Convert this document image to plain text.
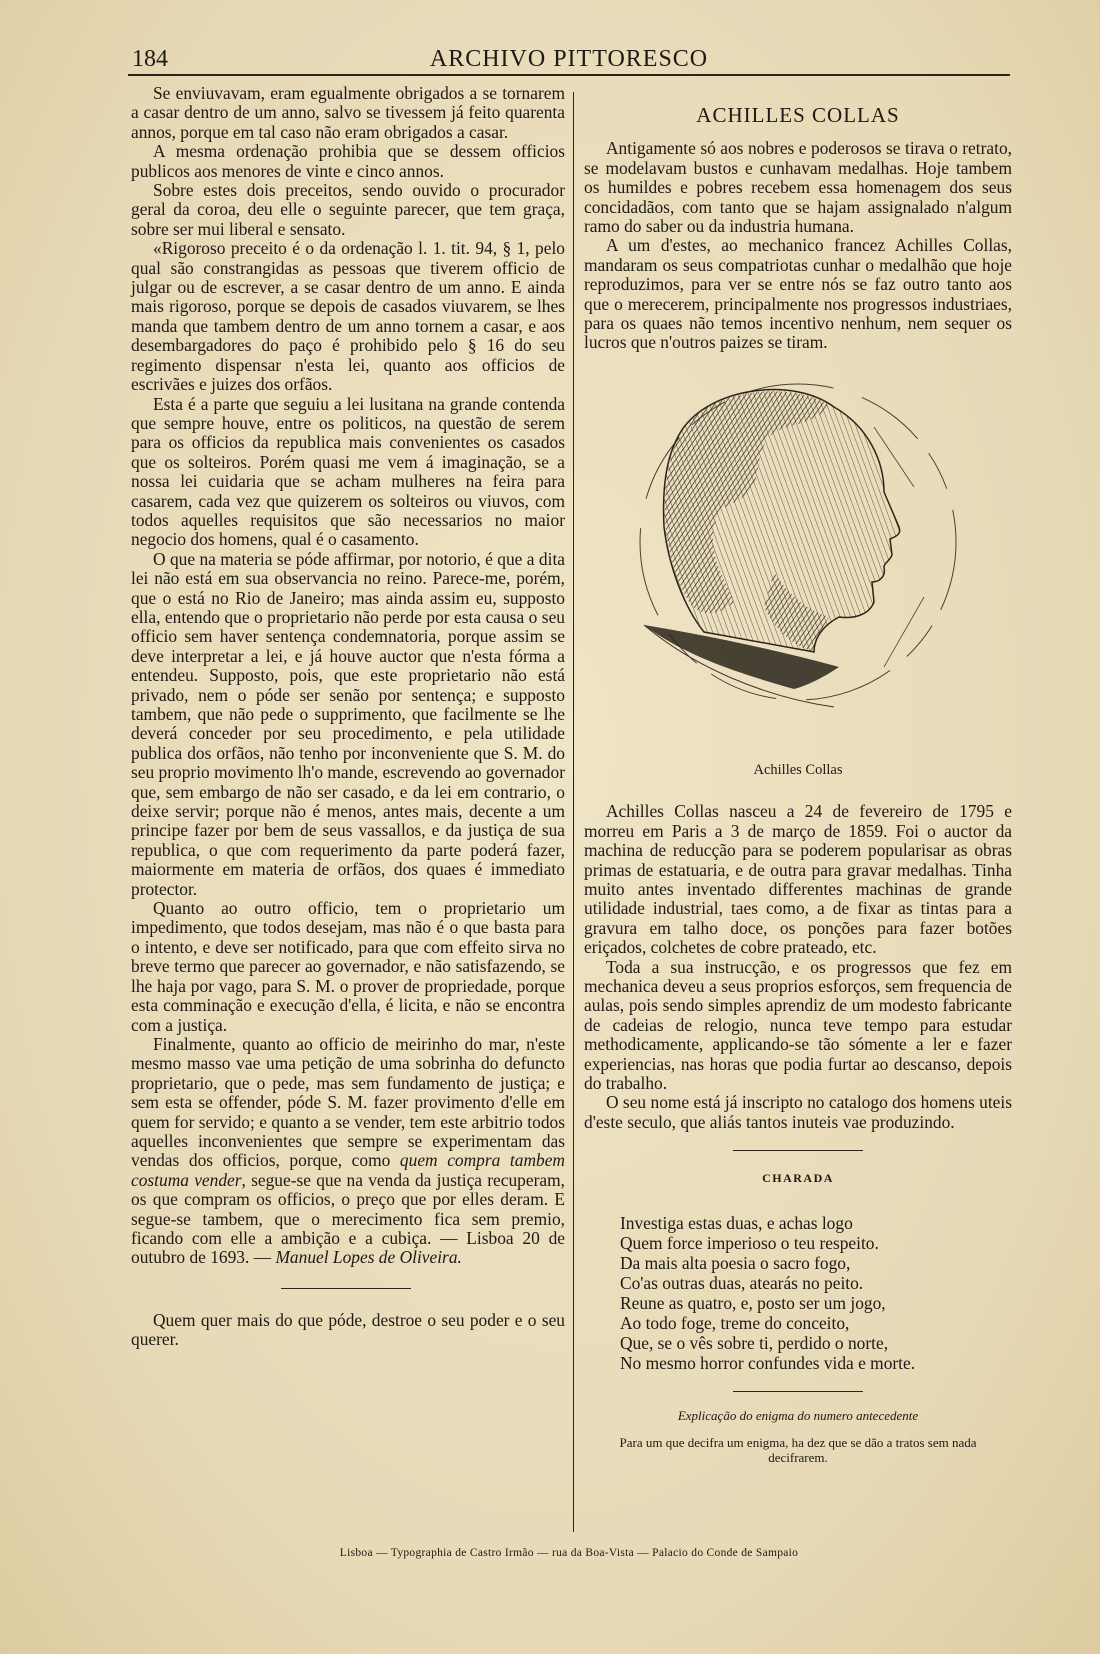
184	ARCHIVO PITTORESCO

Se enviuvavam, eram egualmente obrigados a se tornarem a casar dentro de um anno, salvo se tivessem já feito quarenta annos, porque em tal caso não eram obrigados a casar.

A mesma ordenação prohibia que se dessem officios publicos aos menores de vinte e cinco annos.

Sobre estes dois preceitos, sendo ouvido o procurador geral da coroa, deu elle o seguinte parecer, que tem graça, sobre ser mui liberal e sensato.

«Rigoroso preceito é o da ordenação l. 1. tit. 94, § 1, pelo qual são constrangidas as pessoas que tiverem officio de julgar ou de escrever, a se casar dentro de um anno. E ainda mais rigoroso, porque se depois de casados viuvarem, se lhes manda que tambem dentro de um anno tornem a casar, e aos desembargadores do paço é prohibido pelo § 16 do seu regimento dispensar n'esta lei, quanto aos officios de escrivães e juizes dos orfãos.

Esta é a parte que seguiu a lei lusitana na grande contenda que sempre houve, entre os politicos, na questão de serem para os officios da republica mais convenientes os casados que os solteiros. Porém quasi me vem á imaginação, se a nossa lei cuidaria que se acham mulheres na feira para casarem, cada vez que quizerem os solteiros ou viuvos, com todos aquelles requisitos que são necessarios no maior negocio dos homens, qual é o casamento.

O que na materia se póde affirmar, por notorio, é que a dita lei não está em sua observancia no reino. Parece-me, porém, que o está no Rio de Janeiro; mas ainda assim eu, supposto ella, entendo que o proprietario não perde por esta causa o seu officio sem haver sentença condemnatoria, porque assim se deve interpretar a lei, e já houve auctor que n'esta fórma a entendeu. Supposto, pois, que este proprietario não está privado, nem o póde ser senão por sentença; e supposto tambem, que não pede o supprimento, que facilmente se lhe deverá conceder por seu procedimento, e pela utilidade publica dos orfãos, não tenho por inconveniente que S. M. do seu proprio movimento lh'o mande, escrevendo ao governador que, sem embargo de não ser casado, e da lei em contrario, o deixe servir; porque não é menos, antes mais, decente a um principe fazer por bem de seus vassallos, e da justiça de sua republica, o que com requerimento da parte poderá fazer, maiormente em materia de orfãos, dos quaes é immediato protector.

Quanto ao outro officio, tem o proprietario um impedimento, que todos desejam, mas não é o que basta para o intento, e deve ser notificado, para que com effeito sirva no breve termo que parecer ao governador, e não satisfazendo, se lhe haja por vago, para S. M. o prover de propriedade, porque esta comminação e execução d'ella, é licita, e não se encontra com a justiça.

Finalmente, quanto ao officio de meirinho do mar, n'este mesmo masso vae uma petição de uma sobrinha do defuncto proprietario, que o pede, mas sem fundamento de justiça; e sem esta se offender, póde S. M. fazer provimento d'elle em quem for servido; e quanto a se vender, tem este arbitrio todos aquelles inconvenientes que sempre se experimentam das vendas dos officios, porque, como quem compra tambem costuma vender, segue-se que na venda da justiça recuperam, os que compram os officios, o preço que por elles deram. E segue-se tambem, que o merecimento fica sem premio, ficando com elle a ambição e a cubiça. — Lisboa 20 de outubro de 1693. — Manuel Lopes de Oliveira.

Quem quer mais do que póde, destroe o seu poder e o seu querer.

ACHILLES COLLAS

Antigamente só aos nobres e poderosos se tirava o retrato, se modelavam bustos e cunhavam medalhas. Hoje tambem os humildes e pobres recebem essa homenagem dos seus concidadãos, com tanto que se hajam assignalado n'algum ramo do saber ou da industria humana.

A um d'estes, ao mechanico francez Achilles Collas, mandaram os seus compatriotas cunhar o medalhão que hoje reproduzimos, para ver se entre nós se faz outro tanto aos que o merecerem, principalmente nos progressos industriaes, para os quaes não temos incentivo nenhum, nem sequer os lucros que n'outros paizes se tiram.

Achilles Collas

Achilles Collas nasceu a 24 de fevereiro de 1795 e morreu em Paris a 3 de março de 1859. Foi o auctor da machina de reducção para se poderem popularisar as obras primas de estatuaria, e de outra para gravar medalhas. Tinha muito antes inventado differentes machinas de grande utilidade industrial, taes como, a de fixar as tintas para a gravura em talho doce, os ponções para fazer botões eriçados, colchetes de cobre prateado, etc.

Toda a sua instrucção, e os progressos que fez em mechanica deveu a seus proprios esforços, sem frequencia de aulas, pois sendo simples aprendiz de um modesto fabricante de cadeias de relogio, nunca teve tempo para estudar methodicamente, applicando-se tão sómente a ler e fazer experiencias, nas horas que podia furtar ao descanso, depois do trabalho.

O seu nome está já inscripto no catalogo dos homens uteis d'este seculo, que aliás tantos inuteis vae produzindo.

CHARADA
Investiga estas duas, e achas logo
Quem force imperioso o teu respeito.
Da mais alta poesia o sacro fogo,
Co'as outras duas, atearás no peito.
Reune as quatro, e, posto ser um jogo,
Ao todo foge, treme do conceito,
Que, se o vês sobre ti, perdido o norte,
No mesmo horror confundes vida e morte.
Explicação do enigma do numero antecedente
Para um que decifra um enigma, ha dez que se dão a tratos sem nada decifrarem.
Lisboa — Typographia de Castro Irmão — rua da Boa-Vista — Palacio do Conde de Sampaio
